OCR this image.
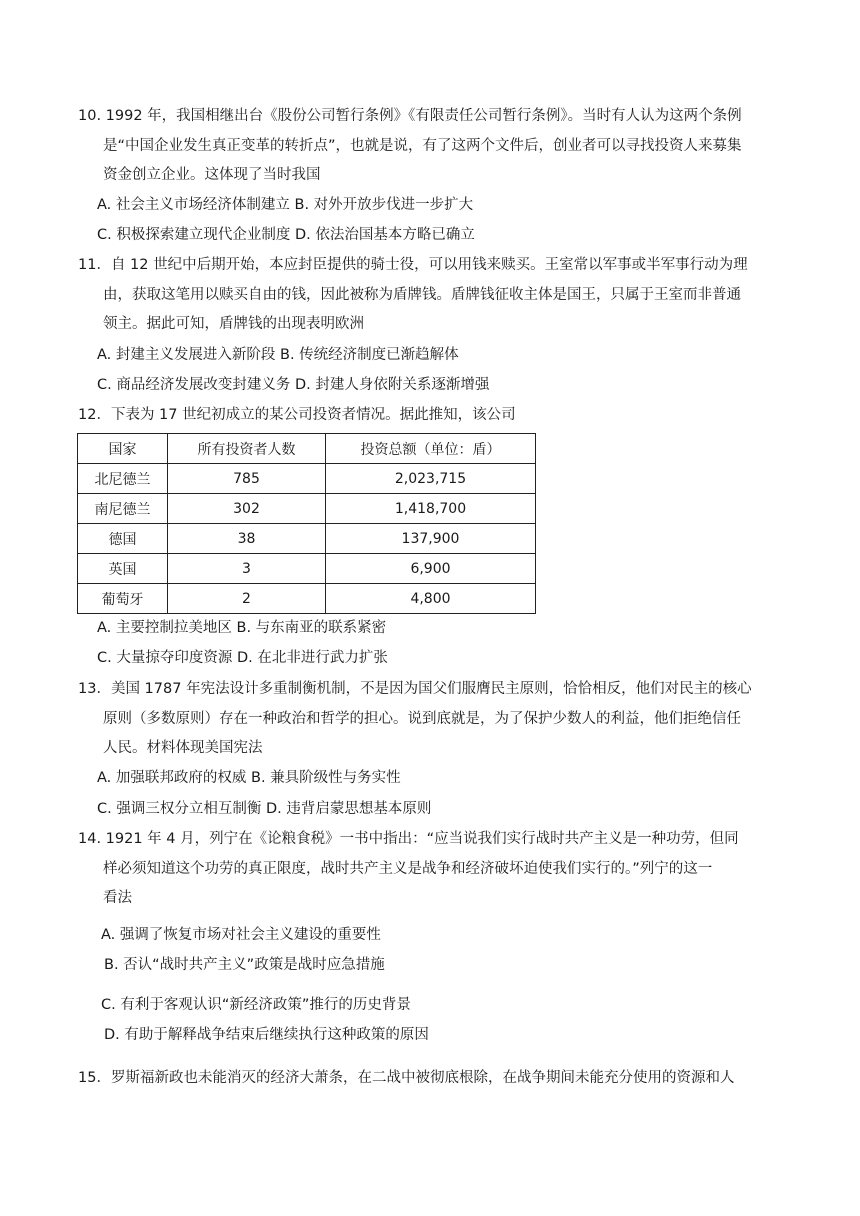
10. 1992 年，我国相继出台《股份公司暂行条例》《有限责任公司暂行条例》。当时有人认为这两个条例
是“中国企业发生真正变革的转折点”，也就是说，有了这两个文件后，创业者可以寻找投资人来募集
资金创立企业。这体现了当时我国
A. 社会主义市场经济体制建立 B. 对外开放步伐进一步扩大
C. 积极探索建立现代企业制度 D. 依法治国基本方略已确立
11．自 12 世纪中后期开始，本应封臣提供的骑士役，可以用钱来赎买。王室常以军事或半军事行动为理
由，获取这笔用以赎买自由的钱，因此被称为盾牌钱。盾牌钱征收主体是国王，只属于王室而非普通
领主。据此可知，盾牌钱的出现表明欧洲
A. 封建主义发展进入新阶段 B. 传统经济制度已渐趋解体
C. 商品经济发展改变封建义务 D. 封建人身依附关系逐渐增强
12．下表为 17 世纪初成立的某公司投资者情况。据此推知，该公司
国家	所有投资者人数	投资总额（单位：盾）
北尼德兰	785	2,023,715
南尼德兰	302	1,418,700
德国	38	137,900
英国	3	6,900
葡萄牙	2	4,800
A. 主要控制拉美地区 B. 与东南亚的联系紧密
C. 大量掠夺印度资源 D. 在北非进行武力扩张
13．美国 1787 年宪法设计多重制衡机制，不是因为国父们服膺民主原则，恰恰相反，他们对民主的核心
原则（多数原则）存在一种政治和哲学的担心。说到底就是，为了保护少数人的利益，他们拒绝信任
人民。材料体现美国宪法
A. 加强联邦政府的权威 B. 兼具阶级性与务实性
C. 强调三权分立相互制衡 D. 违背启蒙思想基本原则
14. 1921 年 4 月，列宁在《论粮食税》一书中指出：“应当说我们实行战时共产主义是一种功劳，但同
样必须知道这个功劳的真正限度，战时共产主义是战争和经济破坏迫使我们实行的。”列宁的这一
看法
A. 强调了恢复市场对社会主义建设的重要性
B. 否认“战时共产主义”政策是战时应急措施
C. 有利于客观认识“新经济政策”推行的历史背景
D. 有助于解释战争结束后继续执行这种政策的原因
15．罗斯福新政也未能消灭的经济大萧条，在二战中被彻底根除，在战争期间未能充分使用的资源和人
